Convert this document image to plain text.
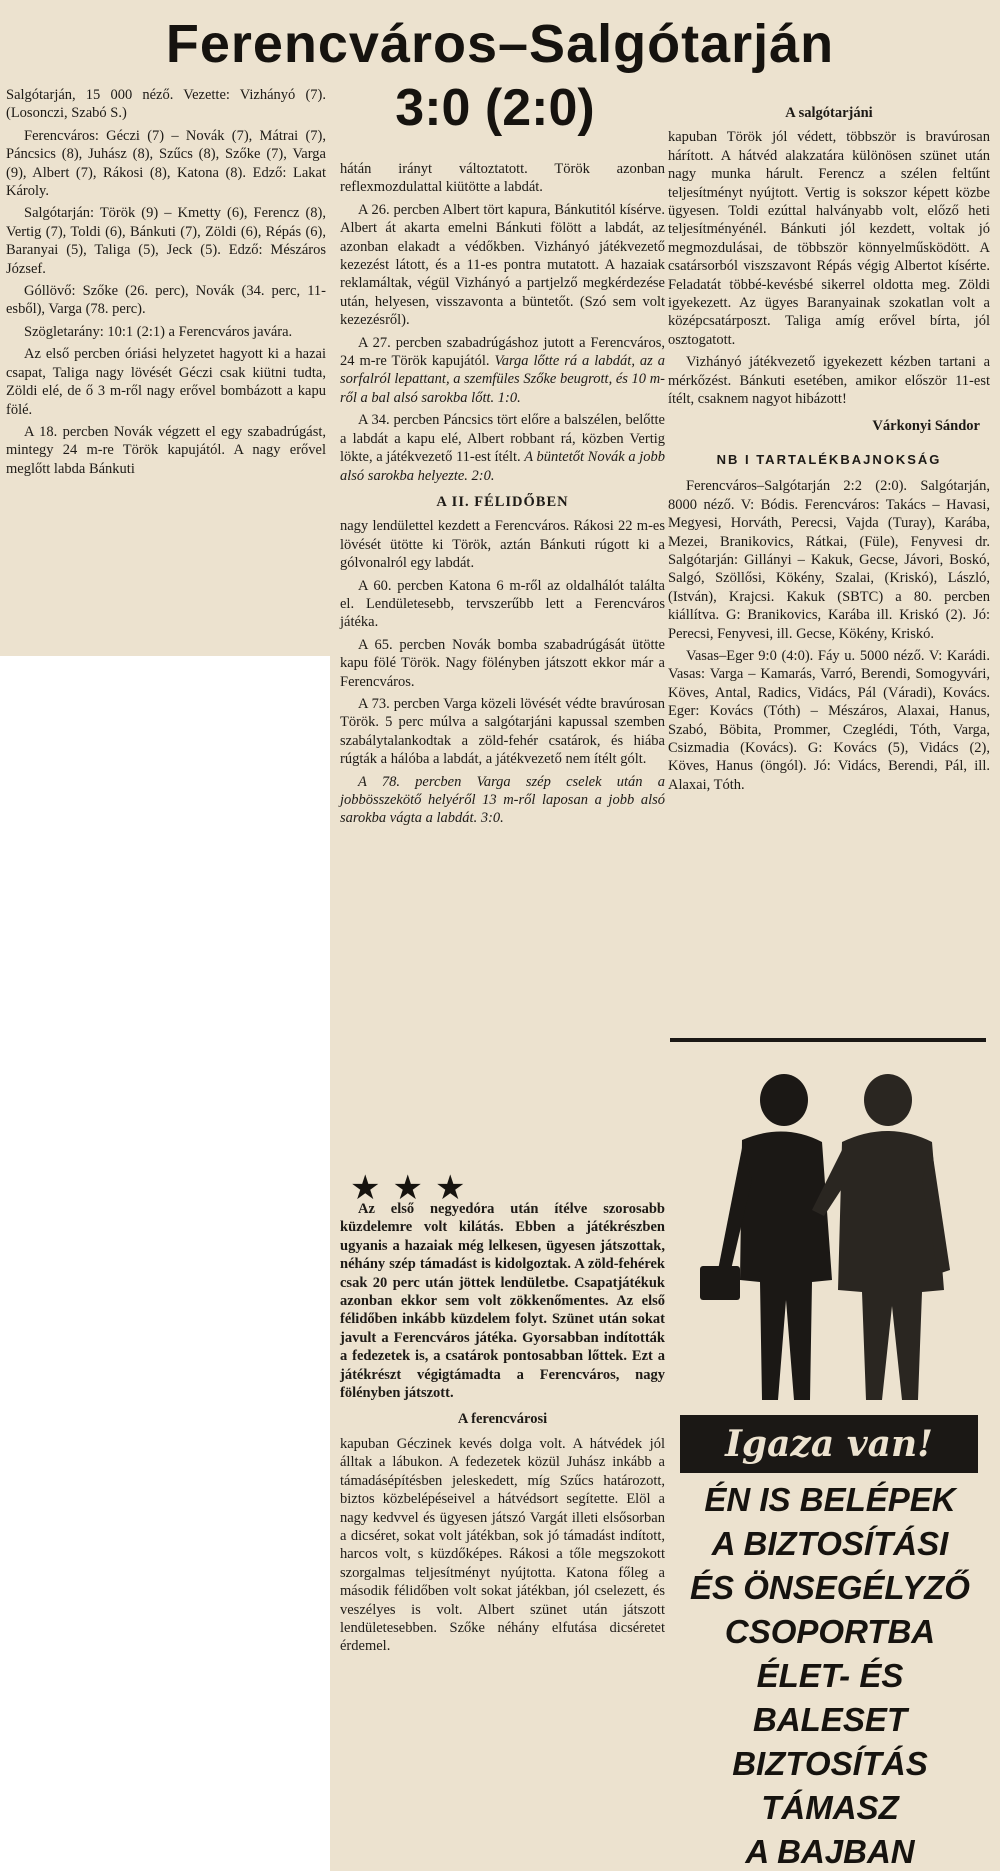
Ferencváros–Salgótarján
3:0 (2:0)

Salgótarján, 15 000 néző. Vezette: Vizhányó (7). (Losonczi, Szabó S.)

Ferencváros: Géczi (7) – Novák (7), Mátrai (7), Páncsics (8), Juhász (8), Szűcs (8), Szőke (7), Varga (9), Albert (7), Rákosi (8), Katona (8). Edző: Lakat Károly.

Salgótarján: Török (9) – Kmetty (6), Ferencz (8), Vertig (7), Toldi (6), Bánkuti (7), Zöldi (6), Répás (6), Baranyai (5), Taliga (5), Jeck (5). Edző: Mészáros József.

Góllövő: Szőke (26. perc), Novák (34. perc, 11-esből), Varga (78. perc).

Szögletarány: 10:1 (2:1) a Ferencváros javára.

Az első percben óriási helyzetet hagyott ki a hazai csapat, Taliga nagy lövését Géczi csak kiütni tudta, Zöldi elé, de ő 3 m-ről nagy erővel bombázott a kapu fölé.

A 18. percben Novák végzett el egy szabadrúgást, mintegy 24 m-re Török kapujától. A nagy erővel meglőtt labda Bánkuti

hátán irányt változtatott. Török azonban reflexmozdulattal kiütötte a labdát.

A 26. percben Albert tört kapura, Bánkutitól kísérve. Albert át akarta emelni Bánkuti fölött a labdát, az azonban elakadt a védőkben. Vizhányó játékvezető kezezést látott, és a 11-es pontra mutatott. A hazaiak reklamáltak, végül Vizhányó a partjelző megkérdezése után, helyesen, visszavonta a büntetőt. (Szó sem volt kezezésről).

A 27. percben szabadrúgáshoz jutott a Ferencváros, 24 m-re Török kapujától. Varga lőtte rá a labdát, az a sorfalról lepattant, a szemfüles Szőke beugrott, és 10 m-ről a bal alsó sarokba lőtt. 1:0.

A 34. percben Páncsics tört előre a balszélen, belőtte a labdát a kapu elé, Albert robbant rá, közben Vertig lökte, a játékvezető 11-est ítélt. A büntetőt Novák a jobb alsó sarokba helyezte. 2:0.

A II. FÉLIDŐBEN

nagy lendülettel kezdett a Ferencváros. Rákosi 22 m-es lövését ütötte ki Török, aztán Bánkuti rúgott ki a gólvonalról egy labdát.

A 60. percben Katona 6 m-ről az oldalhálót találta el. Lendületesebb, tervszerűbb lett a Ferencváros játéka.

A 65. percben Novák bomba szabadrúgását ütötte kapu fölé Török. Nagy fölényben játszott ekkor már a Ferencváros.

A 73. percben Varga közeli lövését védte bravúrosan Török. 5 perc múlva a salgótarjáni kapussal szemben szabálytalankodtak a zöld-fehér csatárok, és hiába rúgták a hálóba a labdát, a játékvezető nem ítélt gólt.

A 78. percben Varga szép cselek után a jobbösszekötő helyéről 13 m-ről laposan a jobb alsó sarokba vágta a labdát. 3:0.

★★★

Az első negyedóra után ítélve szorosabb küzdelemre volt kilátás. Ebben a játékrészben ugyanis a hazaiak még lelkesen, ügyesen játszottak, néhány szép támadást is kidolgoztak. A zöld-fehérek csak 20 perc után jöttek lendületbe. Csapatjátékuk azonban ekkor sem volt zökkenőmentes. Az első félidőben inkább küzdelem folyt. Szünet után sokat javult a Ferencváros játéka. Gyorsabban indították a fedezetek is, a csatárok pontosabban lőttek. Ezt a játékrészt végigtámadta a Ferencváros, nagy fölényben játszott.

A ferencvárosi

kapuban Géczinek kevés dolga volt. A hátvédek jól álltak a lábukon. A fedezetek közül Juhász inkább a támadásépítésben jeleskedett, míg Szűcs határozott, biztos közbelépéseivel a hátvédsort segítette. Elöl a nagy kedvvel és ügyesen játszó Vargát illeti elsősorban a dicséret, sokat volt játékban, sok jó támadást indított, harcos volt, s küzdőképes. Rákosi a tőle megszokott szorgalmas teljesítményt nyújtotta. Katona főleg a második félidőben volt sokat játékban, jól cselezett, és veszélyes is volt. Albert szünet után játszott lendületesebben. Szőke néhány elfutása dicséretet érdemel.

A salgótarjáni

kapuban Török jól védett, többször is bravúrosan hárított. A hátvéd alakzatára különösen szünet után nagy munka hárult. Ferencz a szélen feltűnt teljesítményt nyújtott. Vertig is sokszor képett közbe ügyesen. Toldi ezúttal halványabb volt, előző heti teljesítményénél. Bánkuti jól kezdett, voltak jó megmozdulásai, de többször könnyelműsködött. A csatársorból viszszavont Répás végig Albertot kísérte. Feladatát többé-kevésbé sikerrel oldotta meg. Zöldi igyekezett. Az ügyes Baranyainak szokatlan volt a középcsatárposzt. Taliga amíg erővel bírta, jól osztogatott.

Vizhányó játékvezető igyekezett kézben tartani a mérkőzést. Bánkuti esetében, amikor először 11-est ítélt, csaknem nagyot hibázott!

Várkonyi Sándor

NB I TARTALÉKBAJNOKSÁG

Ferencváros–Salgótarján 2:2 (2:0). Salgótarján, 8000 néző. V: Bódis. Ferencváros: Takács – Havasi, Megyesi, Horváth, Perecsi, Vajda (Turay), Karába, Mezei, Branikovics, Rátkai, (Füle), Fenyvesi dr. Salgótarján: Gillányi – Kakuk, Gecse, Jávori, Boskó, Salgó, Szöllősi, Kökény, Szalai, (Kriskó), László, (István), Krajcsi. Kakuk (SBTC) a 80. percben kiállítva. G: Branikovics, Karába ill. Kriskó (2). Jó: Perecsi, Fenyvesi, ill. Gecse, Kökény, Kriskó.

Vasas–Eger 9:0 (4:0). Fáy u. 5000 néző. V: Karádi. Vasas: Varga – Kamarás, Varró, Berendi, Somogyvári, Köves, Antal, Radics, Vidács, Pál (Váradi), Kovács. Eger: Kovács (Tóth) – Mészáros, Alaxai, Hanus, Szabó, Böbita, Prommer, Czeglédi, Tóth, Varga, Csizmadia (Kovács). G: Kovács (5), Vidács (2), Köves, Hanus (öngól). Jó: Vidács, Berendi, Pál, ill. Alaxai, Tóth.

Igaza van!
ÉN IS BELÉPEK
A BIZTOSÍTÁSI
ÉS ÖNSEGÉLYZŐ
CSOPORTBA
ÉLET- ÉS
BALESET
BIZTOSÍTÁS
TÁMASZ
A BAJBAN
